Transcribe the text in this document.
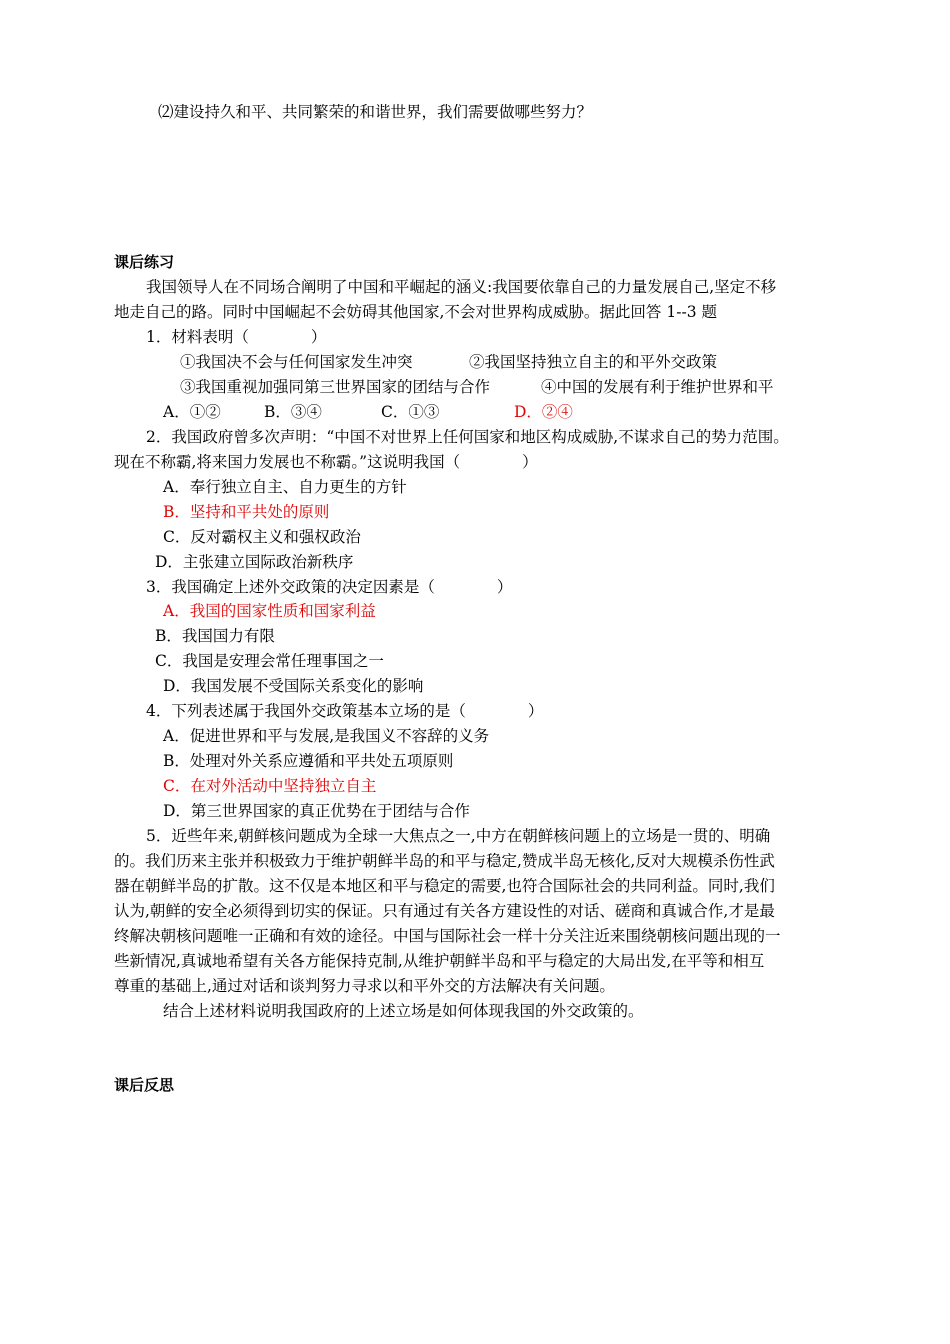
⑵建设持久和平、共同繁荣的和谐世界，我们需要做哪些努力？
课后练习
我国领导人在不同场合阐明了中国和平崛起的涵义:我国要依靠自己的力量发展自己,坚定不移
地走自己的路。同时中国崛起不会妨碍其他国家,不会对世界构成威胁。据此回答 1--3 题
1．材料表明（　　　　）
①我国决不会与任何国家发生冲突	②我国坚持独立自主的和平外交政策
③我国重视加强同第三世界国家的团结与合作	④中国的发展有利于维护世界和平
A．①②	B．③④	C．①③	D．②④
2．我国政府曾多次声明：“中国不对世界上任何国家和地区构成威胁,不谋求自己的势力范围。
现在不称霸,将来国力发展也不称霸。”这说明我国（　　　　）
A．奉行独立自主、自力更生的方针
B．坚持和平共处的原则
C．反对霸权主义和强权政治
D．主张建立国际政治新秩序
3．我国确定上述外交政策的决定因素是（　　　　）
A．我国的国家性质和国家利益
B．我国国力有限
C．我国是安理会常任理事国之一
D．我国发展不受国际关系变化的影响
4．下列表述属于我国外交政策基本立场的是（　　　　）
A．促进世界和平与发展,是我国义不容辞的义务
B．处理对外关系应遵循和平共处五项原则
C．在对外活动中坚持独立自主
D．第三世界国家的真正优势在于团结与合作
5．近些年来,朝鲜核问题成为全球一大焦点之一,中方在朝鲜核问题上的立场是一贯的、明确
的。我们历来主张并积极致力于维护朝鲜半岛的和平与稳定,赞成半岛无核化,反对大规模杀伤性武
器在朝鲜半岛的扩散。这不仅是本地区和平与稳定的需要,也符合国际社会的共同利益。同时,我们
认为,朝鲜的安全必须得到切实的保证。只有通过有关各方建设性的对话、磋商和真诚合作,才是最
终解决朝核问题唯一正确和有效的途径。中国与国际社会一样十分关注近来围绕朝核问题出现的一
些新情况,真诚地希望有关各方能保持克制,从维护朝鲜半岛和平与稳定的大局出发,在平等和相互
尊重的基础上,通过对话和谈判努力寻求以和平外交的方法解决有关问题。
结合上述材料说明我国政府的上述立场是如何体现我国的外交政策的。
课后反思
